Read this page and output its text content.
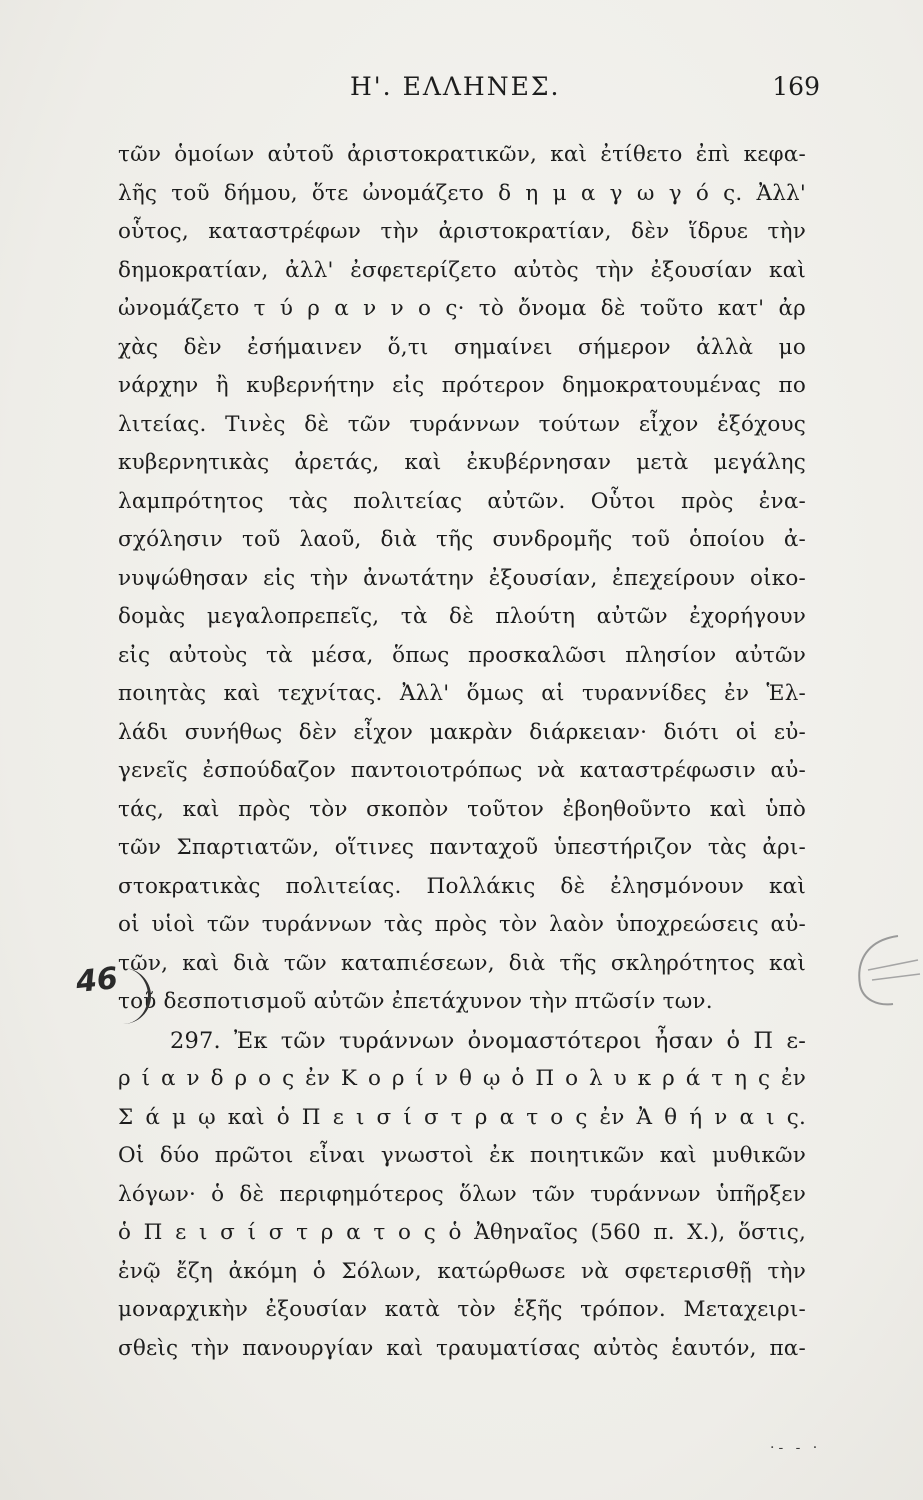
Η'. ΕΛΛΗΝΕΣ.	169
τῶν ὁμοίων αὐτοῦ ἀριστοκρατικῶν, καὶ ἐτίθετο ἐπὶ κεφα-
λῆς τοῦ δήμου, ὅτε ὠνομάζετο δ η μ α γ ω γ ό ς. Ἀλλ'
οὗτος, καταστρέφων τὴν ἀριστοκρατίαν, δὲν ἵδρυε τὴν
δημοκρατίαν, ἀλλ' ἐσφετερίζετο αὐτὸς τὴν ἐξουσίαν καὶ
ὠνομάζετο τ ύ ρ α ν ν ο ς· τὸ ὄνομα δὲ τοῦτο κατ' ἀρ
χὰς δὲν ἐσήμαινεν ὅ,τι σημαίνει σήμερον ἀλλὰ μο
νάρχην ἢ κυβερνήτην εἰς πρότερον δημοκρατουμένας πο
λιτείας. Τινὲς δὲ τῶν τυράννων τούτων εἶχον ἐξόχους
κυβερνητικὰς ἀρετάς, καὶ ἐκυβέρνησαν μετὰ μεγάλης
λαμπρότητος τὰς πολιτείας αὐτῶν. Οὗτοι πρὸς ἐνα-
σχόλησιν τοῦ λαοῦ, διὰ τῆς συνδρομῆς τοῦ ὁποίου ἀ-
νυψώθησαν εἰς τὴν ἀνωτάτην ἐξουσίαν, ἐπεχείρουν οἰκο-
δομὰς μεγαλοπρεπεῖς, τὰ δὲ πλούτη αὐτῶν ἐχορήγουν
εἰς αὐτοὺς τὰ μέσα, ὅπως προσκαλῶσι πλησίον αὐτῶν
ποιητὰς καὶ τεχνίτας. Ἀλλ' ὅμως αἱ τυραννίδες ἐν Ἑλ-
λάδι συνήθως δὲν εἶχον μακρὰν διάρκειαν· διότι οἱ εὐ-
γενεῖς ἐσπούδαζον παντοιοτρόπως νὰ καταστρέφωσιν αὐ-
τάς, καὶ πρὸς τὸν σκοπὸν τοῦτον ἐβοηθοῦντο καὶ ὑπὸ
τῶν Σπαρτιατῶν, οἵτινες πανταχοῦ ὑπεστήριζον τὰς ἀρι-
στοκρατικὰς πολιτείας. Πολλάκις δὲ ἐλησμόνουν καὶ
οἱ υἱοὶ τῶν τυράννων τὰς πρὸς τὸν λαὸν ὑποχρεώσεις αὐ-
τῶν, καὶ διὰ τῶν καταπιέσεων, διὰ τῆς σκληρότητος καὶ
τοῦ δεσποτισμοῦ αὐτῶν ἐπετάχυνον τὴν πτῶσίν των.
297. Ἐκ τῶν τυράννων ὀνομαστότεροι ἦσαν ὁ Π ε-
ρ ί α ν δ ρ ο ς ἐν Κ ο ρ ί ν θ ῳ ὁ Π ο λ υ κ ρ ά τ η ς ἐν
Σ ά μ ῳ καὶ ὁ Π ε ι σ ί σ τ ρ α τ ο ς ἐν Ἀ θ ή ν α ι ς.
Οἱ δύο πρῶτοι εἶναι γνωστοὶ ἐκ ποιητικῶν καὶ μυθικῶν
λόγων· ὁ δὲ περιφημότερος ὅλων τῶν τυράννων ὑπῆρξεν
ὁ Π ε ι σ ί σ τ ρ α τ ο ς ὁ Ἀθηναῖος (560 π. Χ.), ὅστις,
ἐνῷ ἔζη ἀκόμη ὁ Σόλων, κατώρθωσε νὰ σφετερισθῇ τὴν
μοναρχικὴν ἐξουσίαν κατὰ τὸν ἑξῆς τρόπον. Μεταχειρι-
σθεὶς τὴν πανουργίαν καὶ τραυματίσας αὐτὸς ἑαυτόν, πα-
46
·- - ·
